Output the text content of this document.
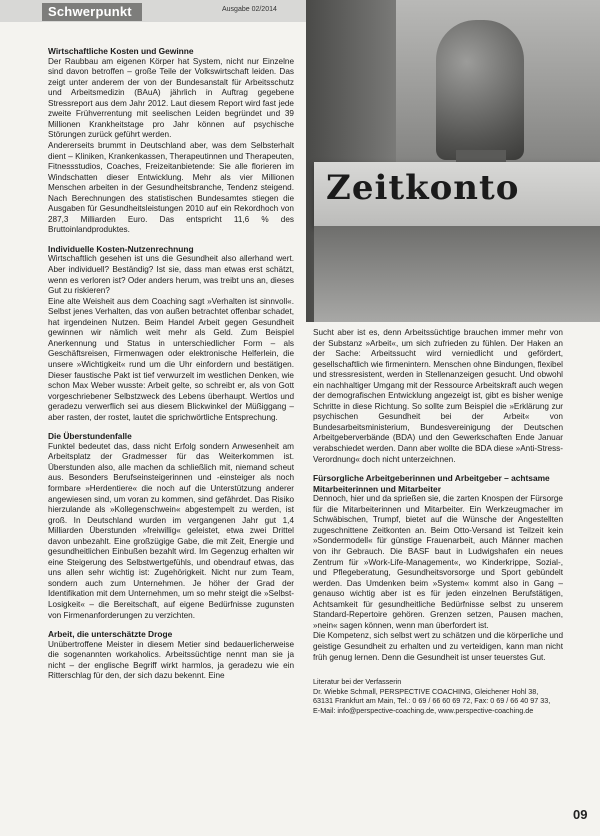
Schwerpunkt	Ausgabe 02/2014
Zeitkonto
Wirtschaftliche Kosten und Gewinne

Der Raubbau am eigenen Körper hat System, nicht nur Einzelne sind davon betroffen – große Teile der Volkswirtschaft leiden. Das zeigt unter anderem der von der Bundesanstalt für Arbeitsschutz und Arbeitsmedizin (BAuA) jährlich in Auftrag gegebene Stressreport aus dem Jahr 2012. Laut diesem Report wird fast jede zweite Frühverrentung mit seelischen Leiden begründet und 39 Millionen Krankheitstage pro Jahr können auf psychische Störungen zurück geführt werden.

Andererseits brummt in Deutschland aber, was dem Selbsterhalt dient – Kliniken, Krankenkassen, Therapeutinnen und Therapeuten, Fitnessstudios, Coaches, Freizeitanbietende: Sie alle florieren im Windschatten dieser Entwicklung. Mehr als vier Millionen Menschen arbeiten in der Gesundheitsbranche, Tendenz steigend. Nach Berechnungen des statistischen Bundesamtes stiegen die Ausgaben für Gesundheitsleistungen 2010 auf ein Rekordhoch von 287,3 Milliarden Euro. Das entspricht 11,6 % des Bruttoinlandproduktes.

Individuelle Kosten-Nutzenrechnung

Wirtschaftlich gesehen ist uns die Gesundheit also allerhand wert. Aber individuell? Beständig? Ist sie, dass man etwas erst schätzt, wenn es verloren ist? Oder anders herum, was treibt uns an, dieses Gut zu riskieren?

Eine alte Weisheit aus dem Coaching sagt »Verhalten ist sinnvoll«. Selbst jenes Verhalten, das von außen betrachtet offenbar schadet, hat irgendeinen Nutzen. Beim Handel Arbeit gegen Gesundheit gewinnen wir nämlich weit mehr als Geld. Zum Beispiel Anerkennung und Status in unterschiedlicher Form – als Geschäftsreisen, Firmenwagen oder elektronische Helferlein, die unsere »Wichtigkeit« rund um die Uhr einfordern und bestätigen. Dieser faustische Pakt ist tief verwurzelt im westlichen Denken, wie schon Max Weber wusste: Arbeit gelte, so schreibt er, als von Gott vorgeschriebener Selbstzweck des Lebens überhaupt. Wertlos und geradezu verwerflich sei aus diesem Blickwinkel der Müßiggang – aber rasten, der rostet, lautet die sprichwörtliche Entsprechung.

Die Überstundenfalle

Funktel bedeutet das, dass nicht Erfolg sondern Anwesenheit am Arbeitsplatz der Gradmesser für das Weiterkommen ist. Überstunden also, alle machen da schließlich mit, niemand scheut aus. Besonders Berufseinsteigerinnen und -einsteiger als noch formbare »Herdentiere« die noch auf die Unterstützung anderer angewiesen sind, um voran zu kommen, sind gefährdet. Das Risiko hierzulande als »Kollegenschwein« abgestempelt zu werden, ist groß. In Deutschland wurden im vergangenen Jahr gut 1,4 Milliarden Überstunden »freiwillig« geleistet, etwa zwei Drittel davon unbezahlt. Eine großzügige Gabe, die mit Zeit, Energie und gesundheitlichen Einbußen bezahlt wird. Im Gegenzug erhalten wir eine Steigerung des Selbstwertgefühls, und obendrauf etwas, das uns allen sehr wichtig ist: Zugehörigkeit. Nicht nur zum Team, sondern auch zum Unternehmen. Je höher der Grad der Identifikation mit dem Unternehmen, um so mehr steigt die »Selbst-Losigkeit« – die Bereitschaft, auf eigene Bedürfnisse zugunsten von Firmenanforderungen zu verzichten.

Arbeit, die unterschätzte Droge

Unübertroffene Meister in diesem Metier sind bedauerlicherweise die sogenannten workaholics. Arbeitssüchtige nennt man sie ja nicht – der englische Begriff wirkt harmlos, ja geradezu wie ein Ritterschlag für den, der sich dazu bekennt. Eine

Sucht aber ist es, denn Arbeitssüchtige brauchen immer mehr von der Substanz »Arbeit«, um sich zufrieden zu fühlen. Der Haken an der Sache: Arbeitssucht wird verniedlicht und gefördert, gesellschaftlich wie firmenintern. Menschen ohne Bindungen, flexibel und stressresistent, werden in Stellenanzeigen gesucht. Und obwohl ein nachhaltiger Umgang mit der Ressource Arbeitskraft auch wegen der demografischen Entwicklung angezeigt ist, gibt es bisher wenige Schritte in diese Richtung. So sollte zum Beispiel die »Erklärung zur psychischen Gesundheit bei der Arbeit« von Bundesarbeitsministerium, Bundesvereinigung der Deutschen Arbeitgeberverbände (BDA) und den Gewerkschaften Ende Januar verabschiedet werden. Dann aber wollte die BDA diese »Anti-Stress-Verordnung« doch nicht unterzeichnen.

Fürsorgliche Arbeitgeberinnen und Arbeitgeber – achtsame Mitarbeiterinnen und Mitarbeiter

Dennoch, hier und da sprießen sie, die zarten Knospen der Fürsorge für die Mitarbeiterinnen und Mitarbeiter. Ein Werkzeugmacher im Schwäbischen, Trumpf, bietet auf die Wünsche der Angestellten zugeschnittene Zeitkonten an. Beim Otto-Versand ist Teilzeit kein »Sondermodell« für günstige Frauenarbeit, auch Männer machen von ihr Gebrauch. Die BASF baut in Ludwigshafen ein neues Zentrum für »Work-Life-Management«, wo Kinderkrippe, Sozial-, und Pflegeberatung, Gesundheitsvorsorge und Sport gebündelt werden. Das Umdenken beim »System« kommt also in Gang – genauso wichtig aber ist es für jeden einzelnen Berufstätigen, Achtsamkeit für gesundheitliche Bedürfnisse selbst zu unserem Standard-Repertoire gehören. Grenzen setzen, Pausen machen, »nein« sagen können, wenn man überfordert ist.

Die Kompetenz, sich selbst wert zu schätzen und die körperliche und geistige Gesundheit zu erhalten und zu verteidigen, kann man nicht früh genug lernen. Denn die Gesundheit ist unser teuerstes Gut.

Literatur bei der Verfasserin
Dr. Wiebke Schmall, PERSPECTIVE COACHING, Gleichener Hohl 38,
63131 Frankfurt am Main, Tel.: 0 69 / 66 60 69 72, Fax: 0 69 / 66 40 97 33,
E-Mail: info@perspective-coaching.de, www.perspective-coaching.de
09
